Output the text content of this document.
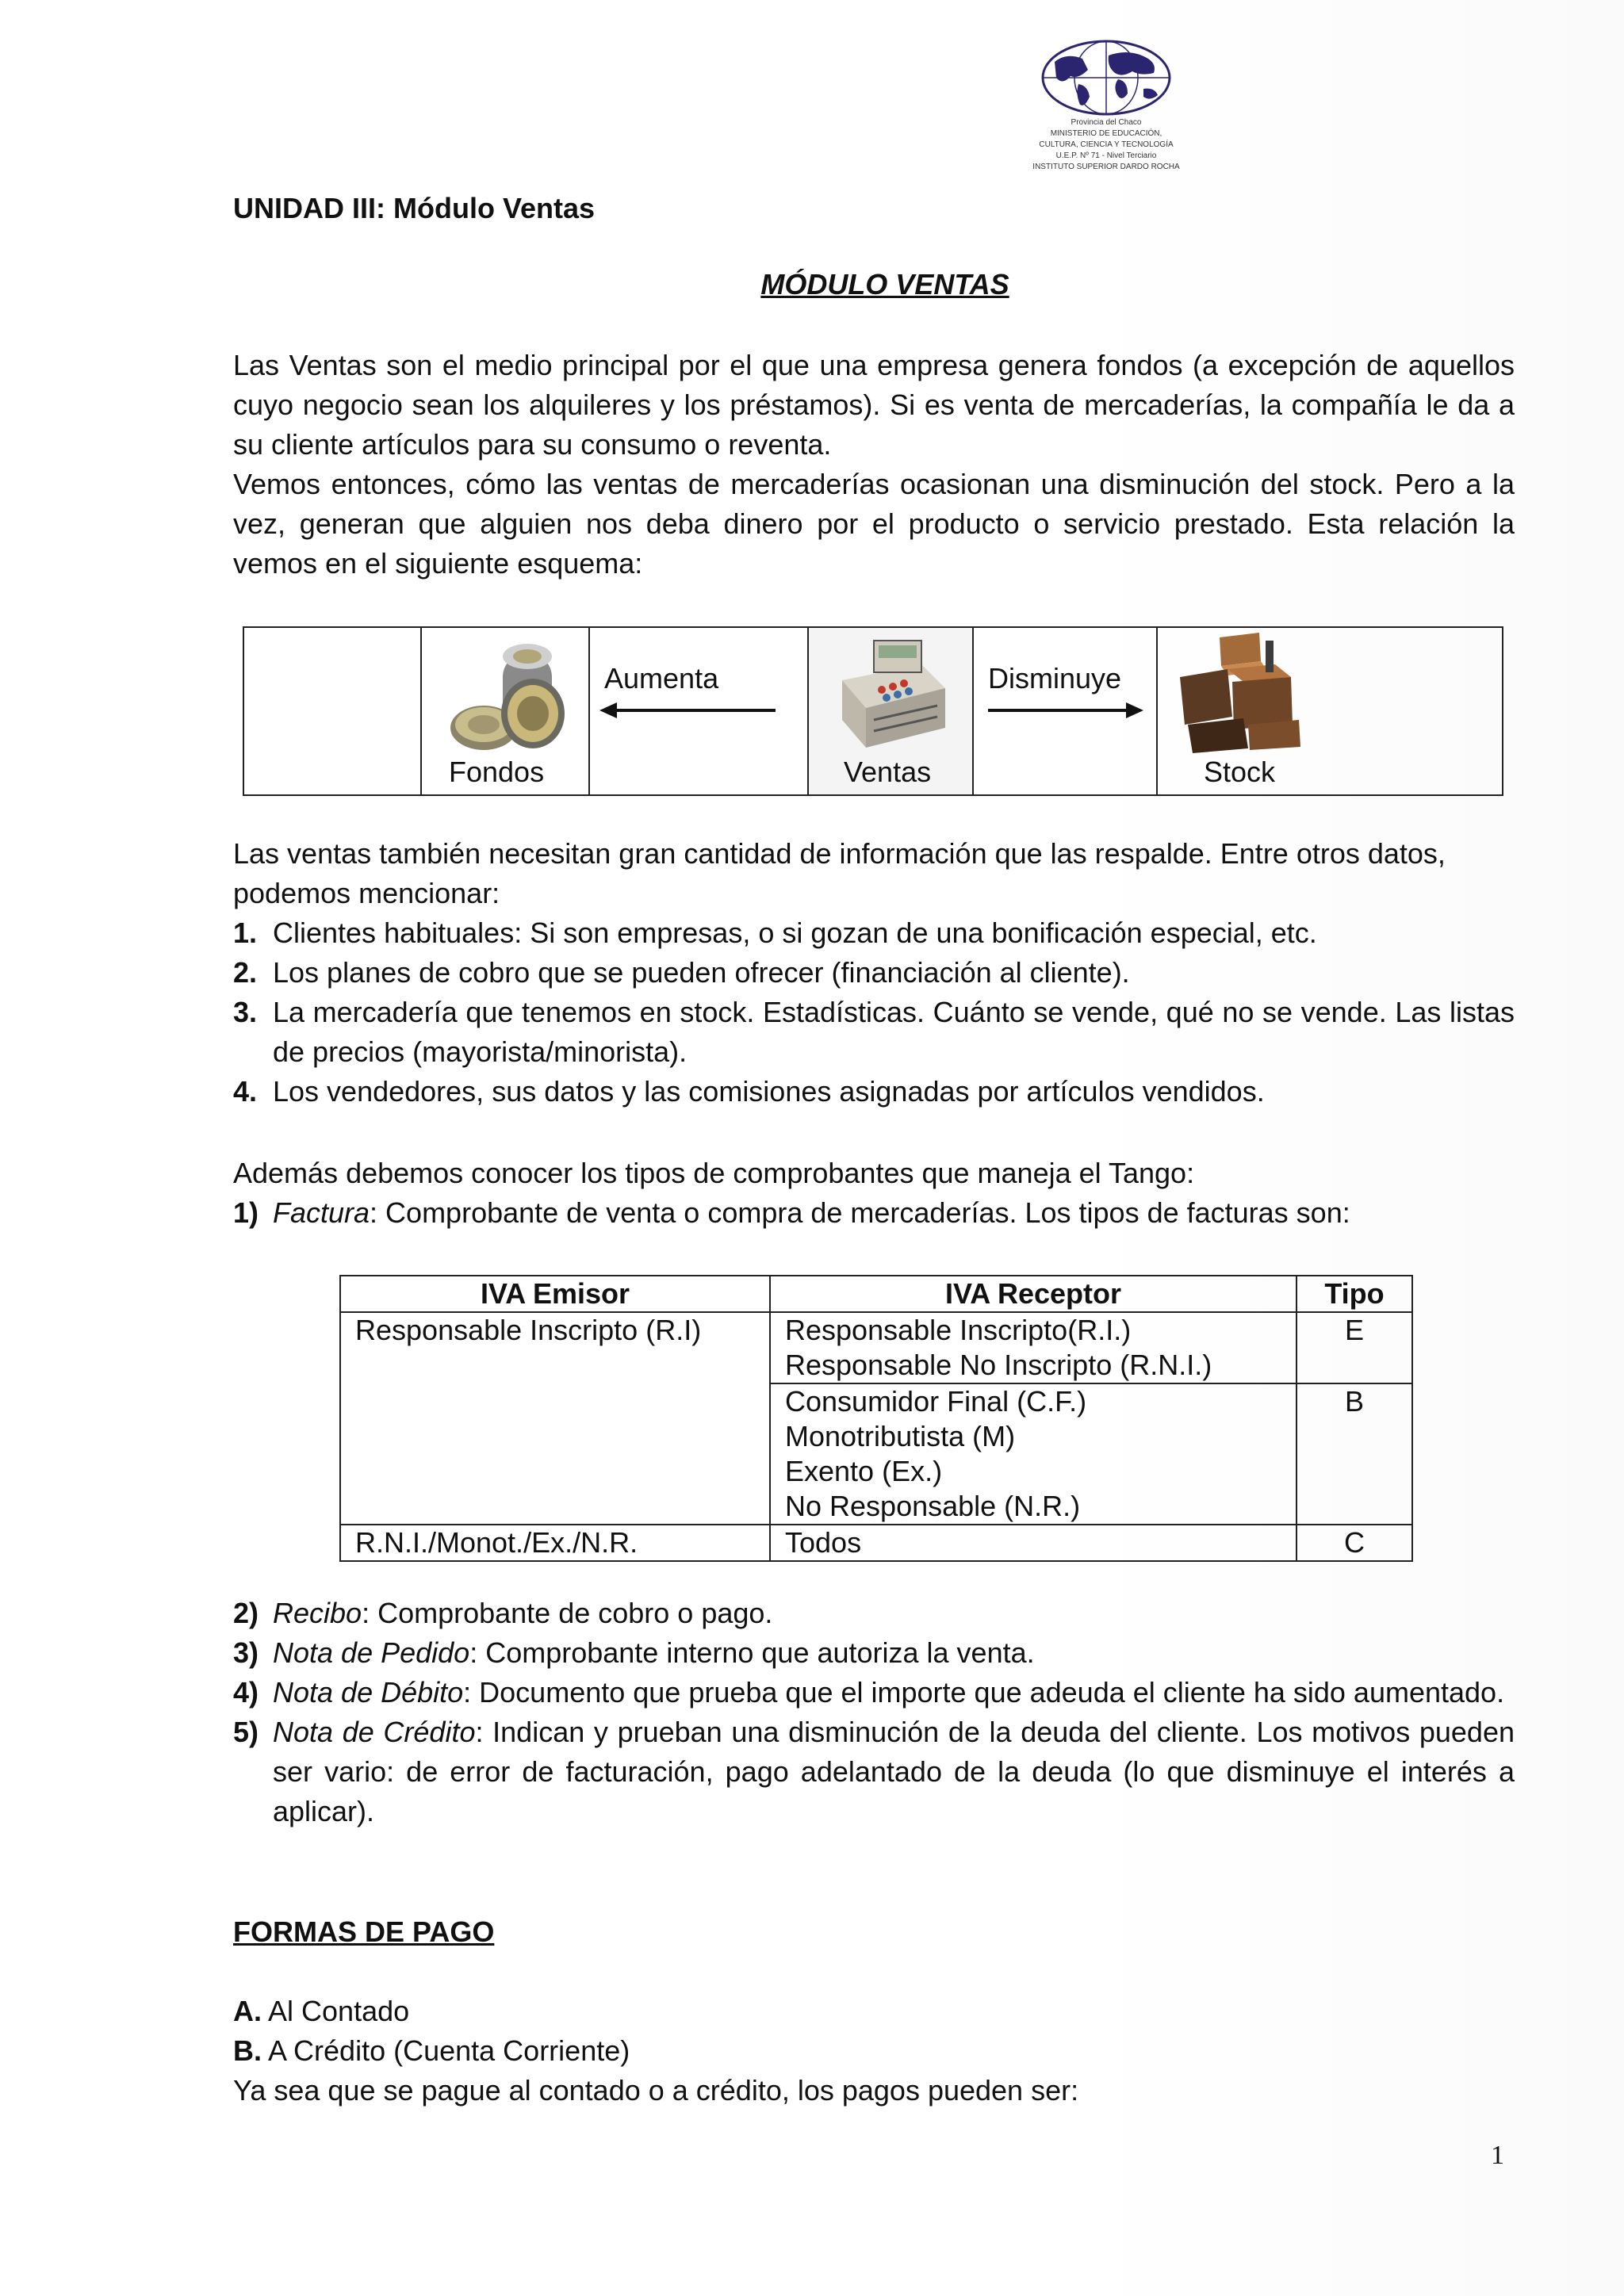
Provincia del Chaco
MINISTERIO DE EDUCACIÓN,
CULTURA, CIENCIA Y TECNOLOGÍA
U.E.P. Nº 71 - Nivel Terciario
INSTITUTO SUPERIOR DARDO ROCHA
UNIDAD III: Módulo Ventas
MÓDULO VENTAS
Las Ventas son el medio principal por el que una empresa genera fondos (a excepción de aquellos cuyo negocio sean los alquileres y los préstamos). Si es venta de mercaderías, la compañía le da a su cliente artículos para su consumo o reventa.
Vemos entonces, cómo las ventas de mercaderías ocasionan una disminución del stock. Pero a la vez, generan que alguien nos deba dinero por el producto o servicio prestado. Esta relación la vemos en el siguiente esquema:
Fondos
Aumenta
Ventas
Disminuye
Stock
Las ventas también necesitan gran cantidad de información que las respalde. Entre otros datos, podemos mencionar:
1. Clientes habituales: Si son empresas, o si gozan de una bonificación especial, etc.
2. Los planes de cobro que se pueden ofrecer (financiación al cliente).
3. La mercadería que tenemos en stock. Estadísticas. Cuánto se vende, qué no se vende. Las listas de precios (mayorista/minorista).
4. Los vendedores, sus datos y las comisiones asignadas por artículos vendidos.
Además debemos conocer los tipos de comprobantes que maneja el Tango:
1) Factura: Comprobante de venta o compra de mercaderías. Los tipos de facturas son:
IVA Emisor	IVA Receptor	Tipo
Responsable Inscripto (R.I)	Responsable Inscripto(R.I.)
Responsable No Inscripto (R.N.I.)	E

	Consumidor Final (C.F.)
Monotributista (M)
Exento (Ex.)
No Responsable (N.R.)	B
R.N.I./Monot./Ex./N.R.	Todos	C
2) Recibo: Comprobante de cobro o pago.
3) Nota de Pedido: Comprobante interno que autoriza la venta.
4) Nota de Débito: Documento que prueba que el importe que adeuda el cliente ha sido aumentado.
5) Nota de Crédito: Indican y prueban una disminución de la deuda del cliente. Los motivos pueden ser vario: de error de facturación, pago adelantado de la deuda (lo que disminuye el interés a aplicar).
FORMAS DE PAGO
A. Al Contado
B. A Crédito (Cuenta Corriente)
Ya sea que se pague al contado o a crédito, los pagos pueden ser:
1
